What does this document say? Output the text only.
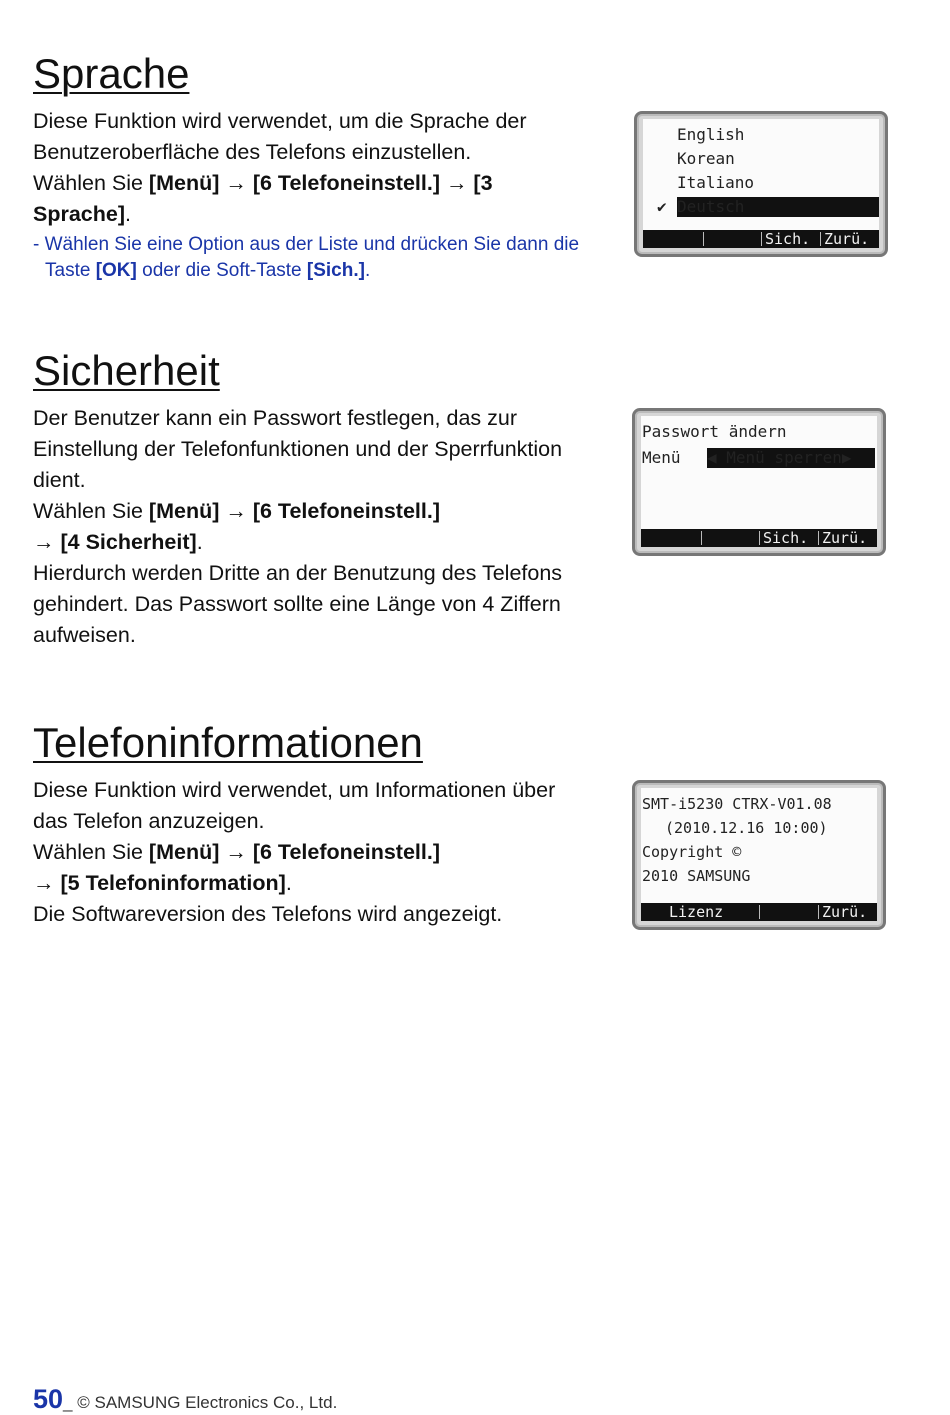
Sprache

Diese Funktion wird verwendet, um die Sprache der Benutzeroberfläche des Telefons einzustellen.

Wählen Sie [Menü] → [6 Telefoneinstell.] → [3 Sprache].

- Wählen Sie eine Option aus der Liste und drücken Sie dann die Taste [OK] oder die Soft-Taste [Sich.].

English
Korean
Italiano
✔ Deutsch
Sich. Zurü.
Sicherheit

Der Benutzer kann ein Passwort festlegen, das zur Einstellung der Telefonfunktionen und der Sperrfunktion dient.

Wählen Sie [Menü] → [6 Telefoneinstell.]

→ [4 Sicherheit].

Hierdurch werden Dritte an der Benutzung des Telefons gehindert. Das Passwort sollte eine Länge von 4 Ziffern aufweisen.

Passwort ändern
Menü ◀ Menü sperren▶
Sich. Zurü.
Telefoninformationen

Diese Funktion wird verwendet, um Informationen über das Telefon anzuzeigen.

Wählen Sie [Menü] → [6 Telefoneinstell.]

→ [5 Telefoninformation].

Die Softwareversion des Telefons wird angezeigt.

SMT-i5230 CTRX-V01.08
(2010.12.16 10:00)
Copyright ©
2010 SAMSUNG
Lizenz	Zurü.
50_ © SAMSUNG Electronics Co., Ltd.
